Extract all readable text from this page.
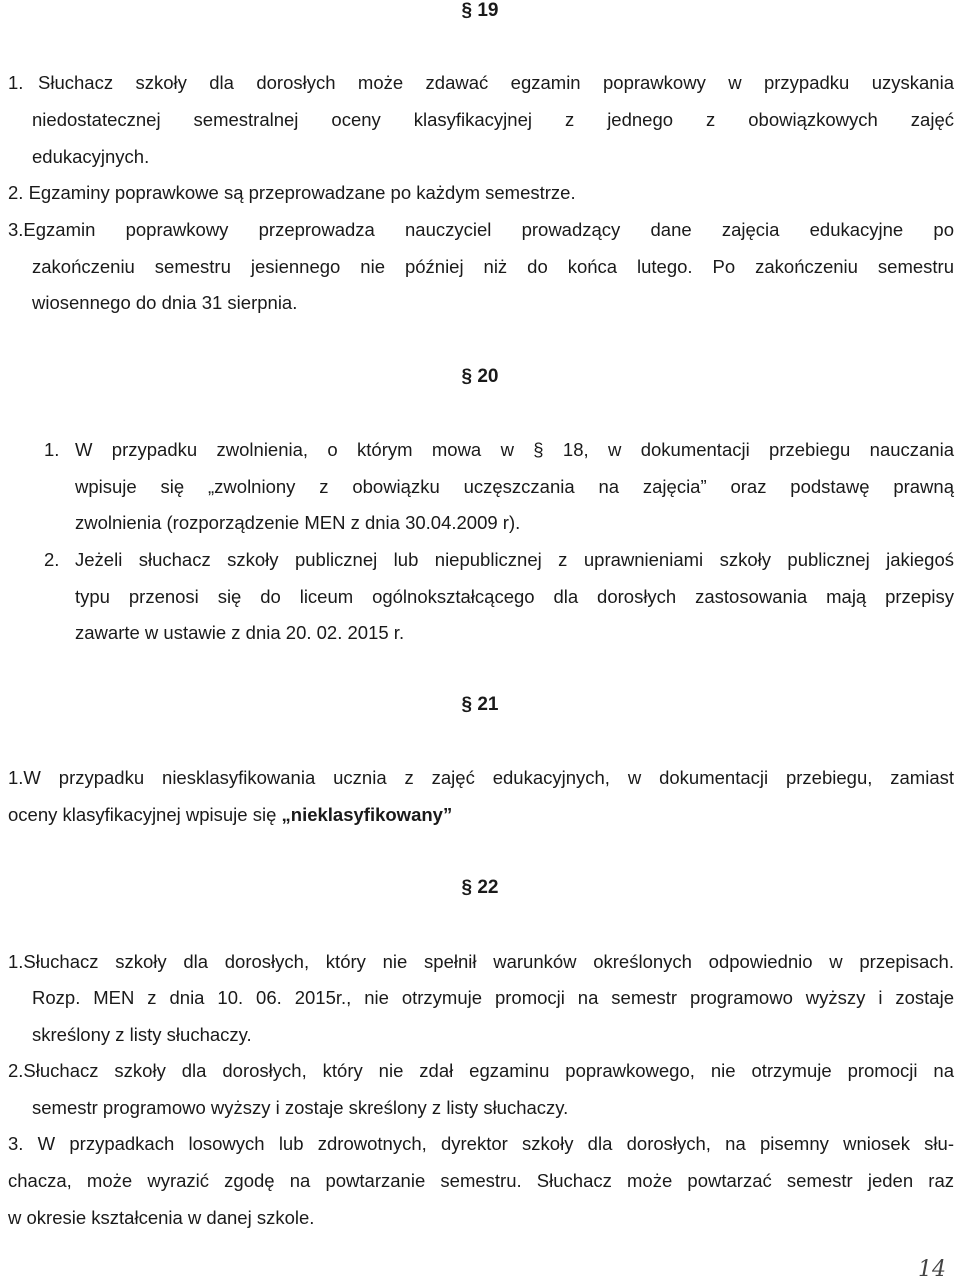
§ 19
1. Słuchacz szkoły dla dorosłych może zdawać egzamin poprawkowy w przypadku uzyskania
niedostatecznej semestralnej oceny klasyfikacyjnej z jednego z obowiązkowych zajęć
edukacyjnych.
2. Egzaminy poprawkowe są przeprowadzane po każdym semestrze.
3.Egzamin poprawkowy przeprowadza nauczyciel prowadzący dane zajęcia edukacyjne po
zakończeniu semestru jesiennego nie później niż do końca lutego. Po zakończeniu semestru
wiosennego do dnia 31 sierpnia.
§ 20
1. W przypadku zwolnienia, o którym mowa w § 18, w dokumentacji przebiegu nauczania
wpisuje się „zwolniony z obowiązku uczęszczania na zajęcia” oraz podstawę prawną
zwolnienia (rozporządzenie MEN z dnia 30.04.2009 r).
2. Jeżeli słuchacz szkoły publicznej lub niepublicznej z uprawnieniami szkoły publicznej jakiegoś
typu przenosi się do liceum ogólnokształcącego dla dorosłych zastosowania mają przepisy
zawarte w ustawie z dnia 20. 02. 2015 r.
§ 21
1.W przypadku niesklasyfikowania ucznia z zajęć edukacyjnych, w dokumentacji przebiegu, zamiast
oceny klasyfikacyjnej wpisuje się „nieklasyfikowany”
§ 22
1.Słuchacz szkoły dla dorosłych, który nie spełnił warunków określonych odpowiednio w przepisach.
Rozp. MEN z dnia 10. 06. 2015r., nie otrzymuje promocji na semestr programowo wyższy i zostaje
skreślony z listy słuchaczy.
2.Słuchacz szkoły dla dorosłych, który nie zdał egzaminu poprawkowego, nie otrzymuje promocji na
semestr programowo wyższy i zostaje skreślony z listy słuchaczy.
3. W przypadkach losowych lub zdrowotnych, dyrektor szkoły dla dorosłych, na pisemny wniosek słu-
chacza, może wyrazić zgodę na powtarzanie semestru. Słuchacz może powtarzać semestr jeden raz
w okresie kształcenia w danej szkole.
14
